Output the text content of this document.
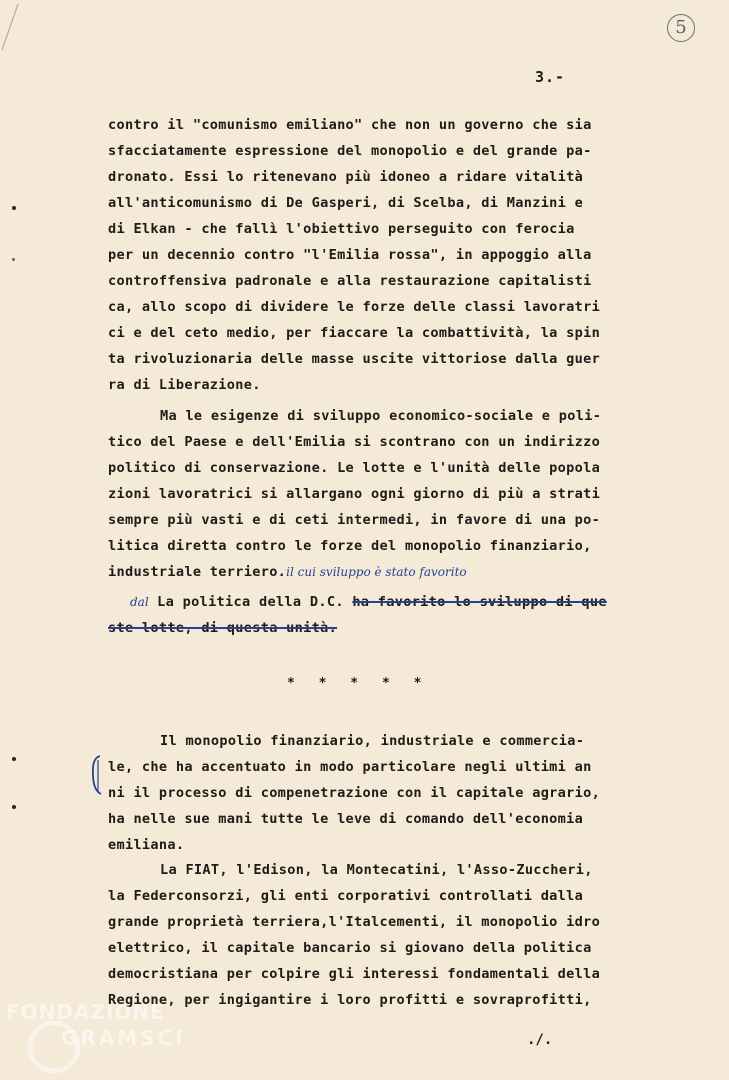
5
3.-
contro il "comunismo emiliano" che non un governo che sia
sfacciatamente espressione del monopolio e del grande pa-
dronato. Essi lo ritenevano più idoneo a ridare vitalità
all'anticomunismo di De Gasperi, di Scelba, di Manzini e
di Elkan - che fallì l'obiettivo perseguito con ferocia
per un decennio contro "l'Emilia rossa", in appoggio alla
controffensiva padronale e alla restaurazione capitalisti
ca, allo scopo di dividere le forze delle classi lavoratri
ci e del ceto medio, per fiaccare la combattività, la spin
ta rivoluzionaria delle masse uscite vittoriose dalla guer
ra di Liberazione.
Ma le esigenze di sviluppo economico-sociale e poli-
tico del Paese e dell'Emilia si scontrano con un indirizzo
politico di conservazione. Le lotte e l'unità delle popola
zioni lavoratrici si allargano ogni giorno di più a strati
sempre più vasti e di ceti intermedi, in favore di una po-
litica diretta contro le forze del monopolio finanziario,
industriale terriero.il cui sviluppo è stato favorito
dal La politica della D.C. ha favorito lo sviluppo di que
ste lotte, di questa unità.
* * * * *
Il monopolio finanziario, industriale e commercia-
le, che ha accentuato in modo particolare negli ultimi an
ni il processo di compenetrazione con il capitale agrario,
ha nelle sue mani tutte le leve di comando dell'economia
emiliana.
La FIAT, l'Edison, la Montecatini, l'Asso-Zuccheri,
la Federconsorzi, gli enti corporativi controllati dalla
grande proprietà terriera,l'Italcementi, il monopolio idro
elettrico, il capitale bancario si giovano della politica
democristiana per colpire gli interessi fondamentali della
Regione, per ingigantire i loro profitti e sovraprofitti,
FONDAZIONE
GRAMSCI	./.
